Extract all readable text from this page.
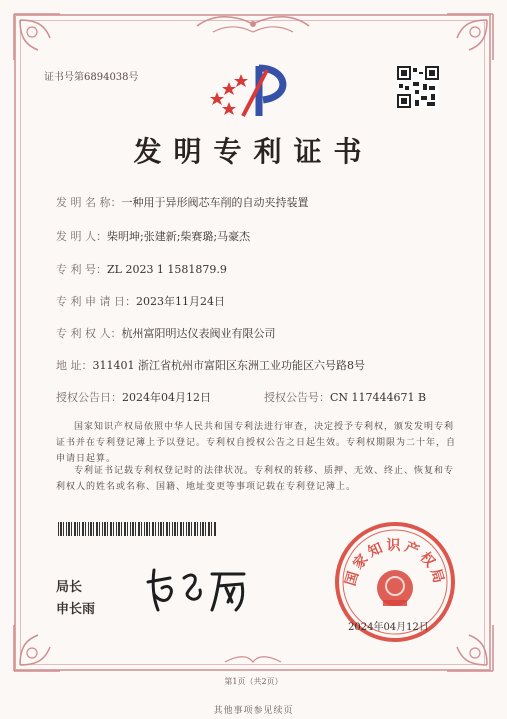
证书号第6894038号
发明专利证书
发 明 名 称：一种用于异形阀芯车削的自动夹持装置
发 明 人：柴明坤;张建新;柴赛璐;马豪杰
专 利 号：ZL 2023 1 1581879.9
专 利 申 请 日：2023年11月24日
专 利 权 人：杭州富阳明达仪表阀业有限公司
地 址：311401 浙江省杭州市富阳区东洲工业功能区六号路8号
授权公告日：2024年04月12日	授权公告号：CN 117444671 B
国家知识产权局依照中华人民共和国专利法进行审查，决定授予专利权，颁发发明专利证书并在专利登记簿上予以登记。专利权自授权公告之日起生效。专利权期限为二十年，自申请日起算。
专利证书记载专利权登记时的法律状况。专利权的转移、质押、无效、终止、恢复和专利权人的姓名或名称、国籍、地址变更等事项记载在专利登记簿上。
局长
申长雨
国家知识产权局
2024年04月12日
第1页（共2页）
其他事项参见续页
